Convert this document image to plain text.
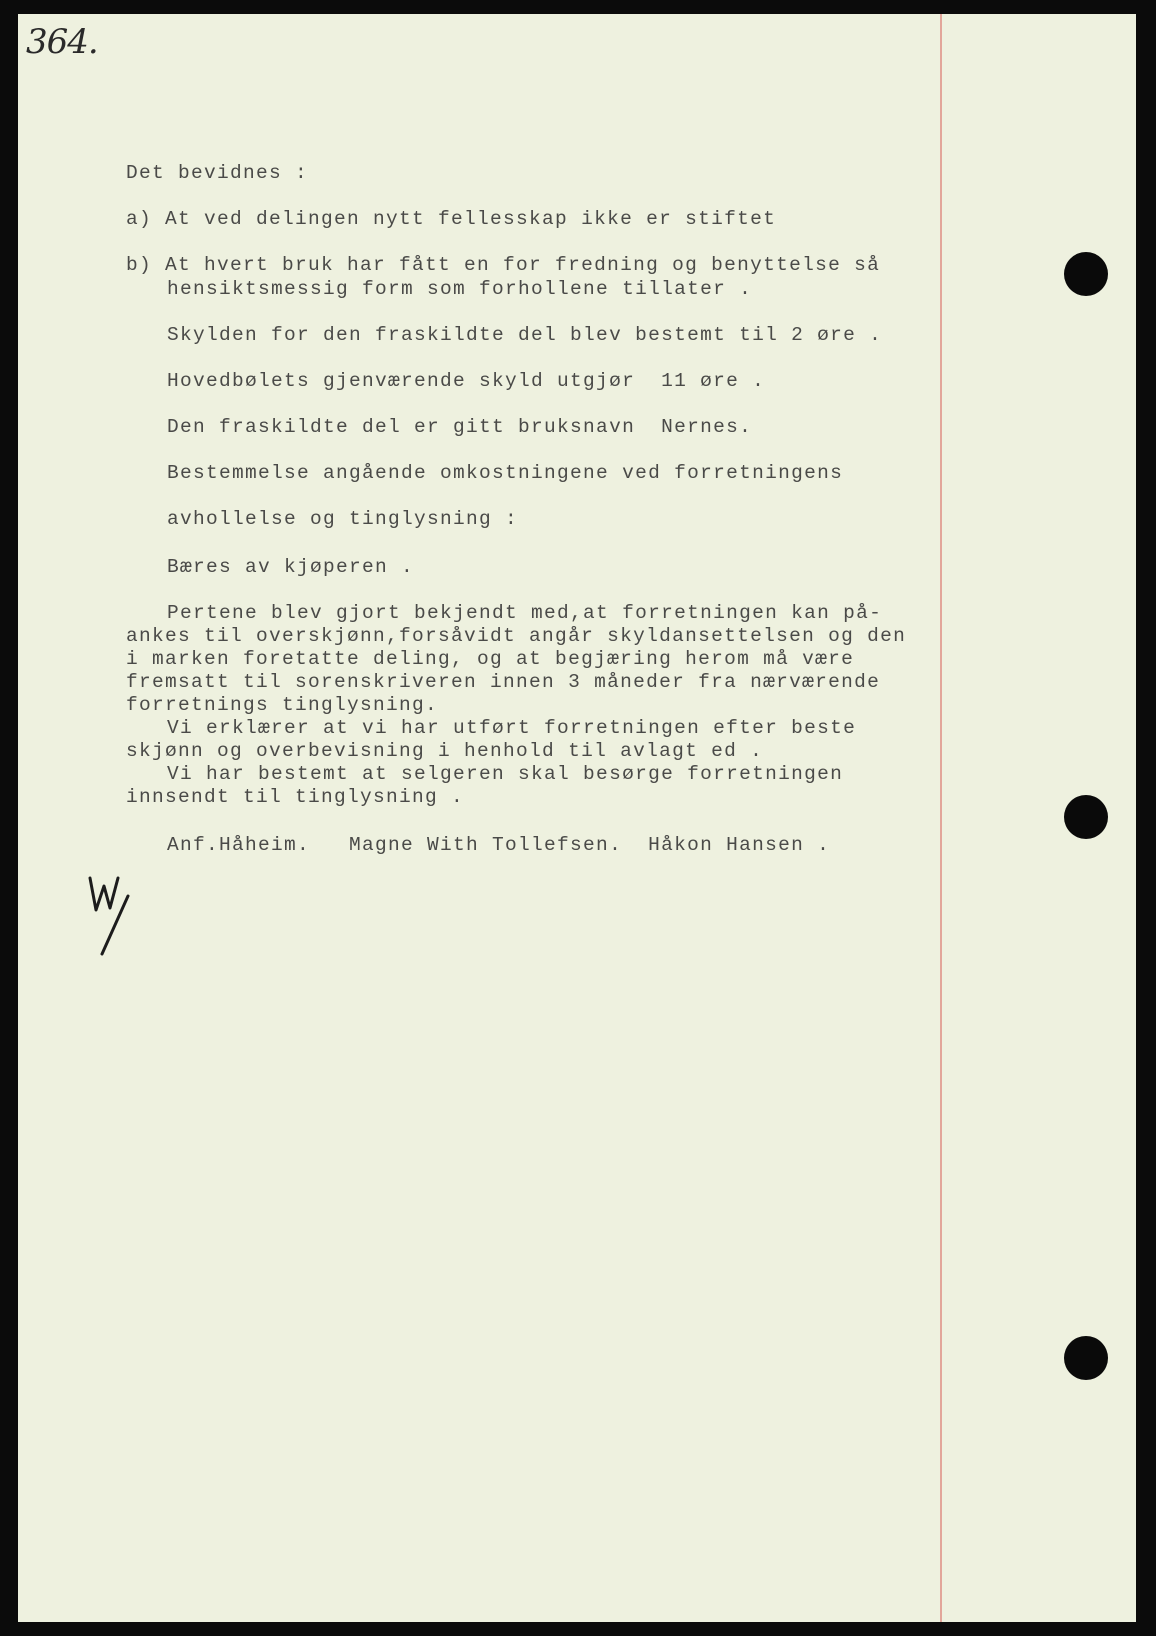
364.
Det bevidnes :
a) At ved delingen nytt fellesskap ikke er stiftet
b) At hvert bruk har fått en for fredning og benyttelse så
hensiktsmessig form som forhollene tillater .
Skylden for den fraskildte del blev bestemt til 2 øre .
Hovedbølets gjenværende skyld utgjør  11 øre .
Den fraskildte del er gitt bruksnavn  Nernes.
Bestemmelse angående omkostningene ved forretningens
avhollelse og tinglysning :
Bæres av kjøperen .
Pertene blev gjort bekjendt med,at forretningen kan på-
ankes til overskjønn,forsåvidt angår skyldansettelsen og den
i marken foretatte deling, og at begjæring herom må være
fremsatt til sorenskriveren innen 3 måneder fra nærværende
forretnings tinglysning.
Vi erklærer at vi har utført forretningen efter beste
skjønn og overbevisning i henhold til avlagt ed .
Vi har bestemt at selgeren skal besørge forretningen
innsendt til tinglysning .
Anf.Håheim.   Magne With Tollefsen.  Håkon Hansen .
